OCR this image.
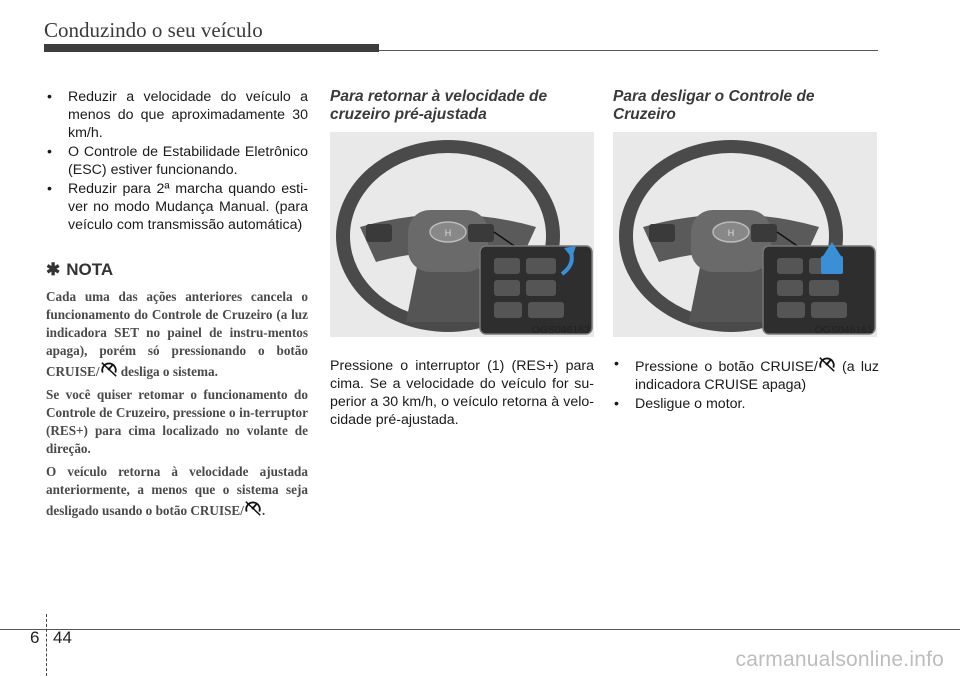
Conduzindo o seu veículo
• Reduzir a velocidade do veículo a menos do que aproximadamente 30 km/h.
• O Controle de Estabilidade Eletrônico (ESC) estiver funcionando.
• Reduzir para 2ª marcha quando esti-ver no modo Mudança Manual. (para veículo com transmissão automática)
✱ NOTA

Cada uma das ações anteriores cancela o funcionamento do Controle de Cruzeiro (a luz indicadora SET no painel de instru-mentos apaga), porém só pressionando o botão CRUISE/ desliga o sistema.

Se você quiser retomar o funcionamento do Controle de Cruzeiro, pressione o in-terruptor (RES+) para cima localizado no volante de direção.

O veículo retorna à velocidade ajustada anteriormente, a menos que o sistema seja desligado usando o botão CRUISE/ .

Para retornar à velocidade de cruzeiro pré-ajustada
OGS046163
Pressione o interruptor (1) (RES+) para cima. Se a velocidade do veículo for su-perior a 30 km/h, o veículo retorna à velo-cidade pré-ajustada.
Para desligar o Controle de Cruzeiro
OGS046161
• Pressione o botão CRUISE/ (a luz indicadora CRUISE apaga)
• Desligue o motor.
6 44
carmanualsonline.info
